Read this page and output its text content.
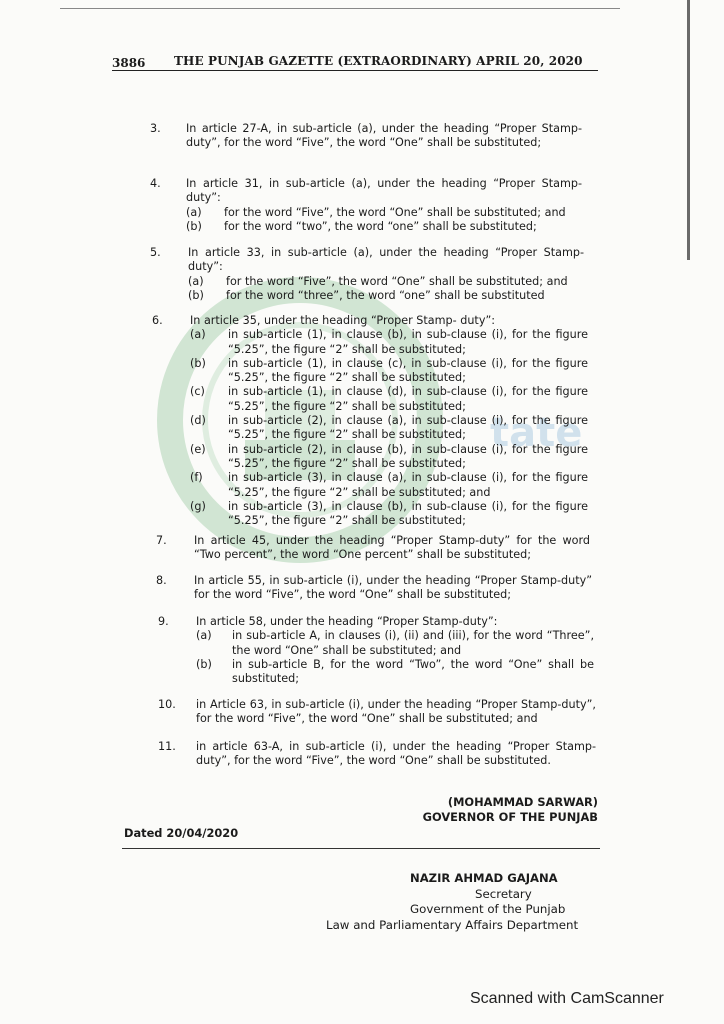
3886 THE PUNJAB GAZETTE (EXTRAORDINARY) APRIL 20, 2020
tate
3. In article 27-A, in sub-article (a), under the heading “Proper Stamp-duty”, for the word “Five”, the word “One” shall be substituted;
4. In article 31, in sub-article (a), under the heading “Proper Stamp-duty”:
(a)	for the word “Five”, the word “One” shall be substituted; and
(b)	for the word “two”, the word “one” shall be substituted;
5. In article 33, in sub-article (a), under the heading “Proper Stamp-duty”:
(a)	for the word “Five”, the word “One” shall be substituted; and
(b)	for the word “three”, the word “one” shall be substituted
6. In article 35, under the heading “Proper Stamp- duty”:
(a)	in sub-article (1), in clause (b), in sub-clause (i), for the figure “5.25”, the figure “2” shall be substituted;
(b)	in sub-article (1), in clause (c), in sub-clause (i), for the figure “5.25”, the figure “2” shall be substituted;
(c)	in sub-article (1), in clause (d), in sub-clause (i), for the figure “5.25”, the figure “2” shall be substituted;
(d)	in sub-article (2), in clause (a), in sub-clause (i), for the figure “5.25”, the figure “2” shall be substituted;
(e)	in sub-article (2), in clause (b), in sub-clause (i), for the figure “5.25”, the figure “2” shall be substituted;
(f)	in sub-article (3), in clause (a), in sub-clause (i), for the figure “5.25”, the figure “2” shall be substituted; and
(g)	in sub-article (3), in clause (b), in sub-clause (i), for the figure “5.25”, the figure “2” shall be substituted;
7. In article 45, under the heading “Proper Stamp-duty” for the word “Two percent”, the word “One percent” shall be substituted;
8. In article 55, in sub-article (i), under the heading “Proper Stamp-duty” for the word “Five”, the word “One” shall be substituted;
9. In article 58, under the heading “Proper Stamp-duty”:
(a)	in sub-article A, in clauses (i), (ii) and (iii), for the word “Three”, the word “One” shall be substituted; and
(b)	in sub-article B, for the word “Two”, the word “One” shall be substituted;
10. in Article 63, in sub-article (i), under the heading “Proper Stamp-duty”, for the word “Five”, the word “One” shall be substituted; and
11. in article 63-A, in sub-article (i), under the heading “Proper Stamp-duty”, for the word “Five”, the word “One” shall be substituted.
(MOHAMMAD SARWAR)
GOVERNOR OF THE PUNJAB
Dated 20/04/2020
NAZIR AHMAD GAJANA
Secretary
Government of the Punjab
Law and Parliamentary Affairs Department
Scanned with CamScanner
